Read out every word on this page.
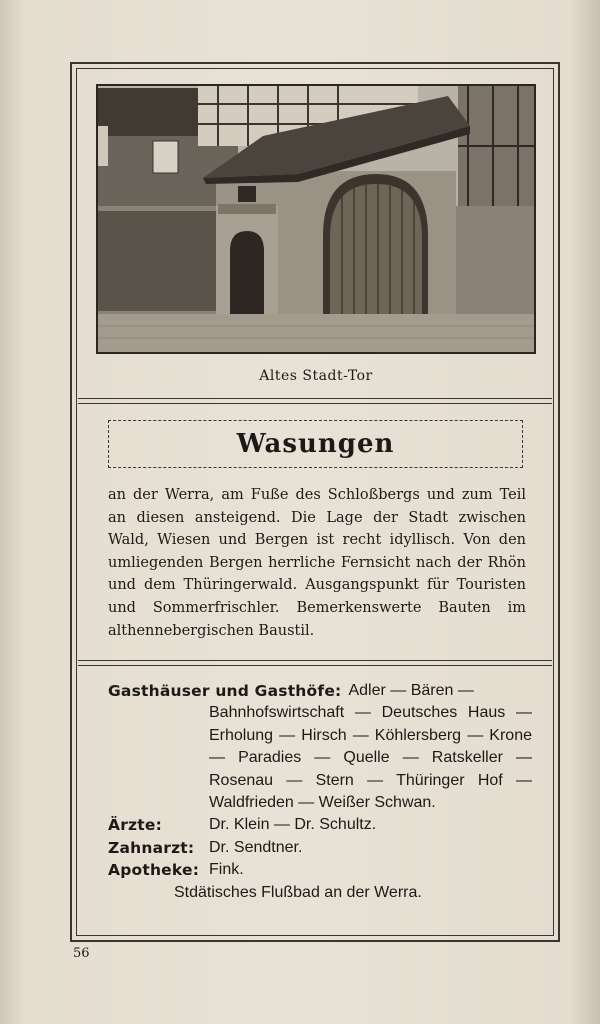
Altes Stadt-Tor
Wasungen
an der Werra, am Fuße des Schloßbergs und zum Teil an diesen ansteigend. Die Lage der Stadt zwischen Wald, Wiesen und Bergen ist recht idyllisch. Von den umliegenden Bergen herrliche Fernsicht nach der Rhön und dem Thüringerwald. Ausgangspunkt für Touristen und Sommerfrischler. Bemerkenswerte Bauten im althennebergischen Baustil.
Gasthäuser und Gasthöfe: Adler — Bären —
Bahnhofswirtschaft — Deutsches Haus — Erholung — Hirsch — Köhlersberg — Krone — Paradies — Quelle — Ratskeller — Rosenau — Stern — Thüringer Hof — Waldfrieden — Weißer Schwan.
Ärzte:	Dr. Klein — Dr. Schultz.
Zahnarzt: Dr. Sendtner.
Apotheke: Fink.
Stdätisches Flußbad an der Werra.
56
